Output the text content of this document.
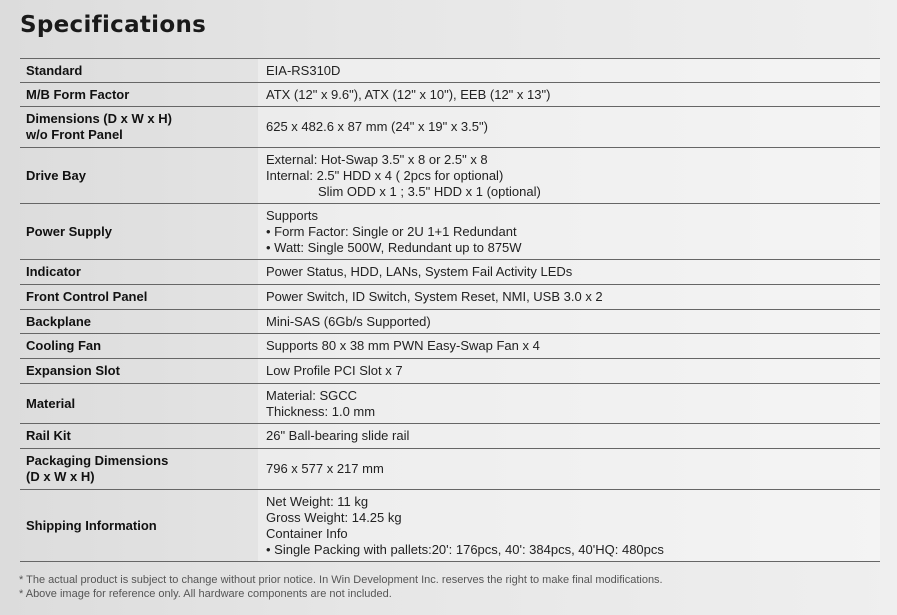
Specifications
Standard	EIA-RS310D

M/B Form Factor	ATX (12" x 9.6"), ATX (12" x 10"), EEB (12" x 13")

Dimensions (D x W x H)
w/o Front Panel	625 x 482.6 x 87 mm (24" x 19" x 3.5")

Drive Bay	External: Hot-Swap 3.5" x 8 or 2.5" x 8
Internal: 2.5" HDD x 4 ( 2pcs for optional)
Slim ODD x 1 ; 3.5" HDD x 1 (optional)

Power Supply	Supports
• Form Factor: Single or 2U 1+1 Redundant
• Watt: Single 500W, Redundant up to 875W

Indicator	Power Status, HDD, LANs, System Fail Activity LEDs

Front Control Panel	Power Switch, ID Switch, System Reset, NMI, USB 3.0 x 2

Backplane	Mini-SAS (6Gb/s Supported)

Cooling Fan	Supports 80 x 38 mm PWN Easy-Swap Fan x 4

Expansion Slot	Low Profile PCI Slot x 7

Material	Material: SGCC
Thickness: 1.0 mm

Rail Kit	26" Ball-bearing slide rail

Packaging Dimensions
(D x W x H)	796 x 577 x 217 mm

Shipping Information	Net Weight: 11 kg
Gross Weight: 14.25 kg
Container Info
• Single Packing with pallets:20': 176pcs, 40': 384pcs, 40'HQ: 480pcs
* The actual product is subject to change without prior notice. In Win Development Inc. reserves the right to make final modifications.
* Above image for reference only. All hardware components are not included.
